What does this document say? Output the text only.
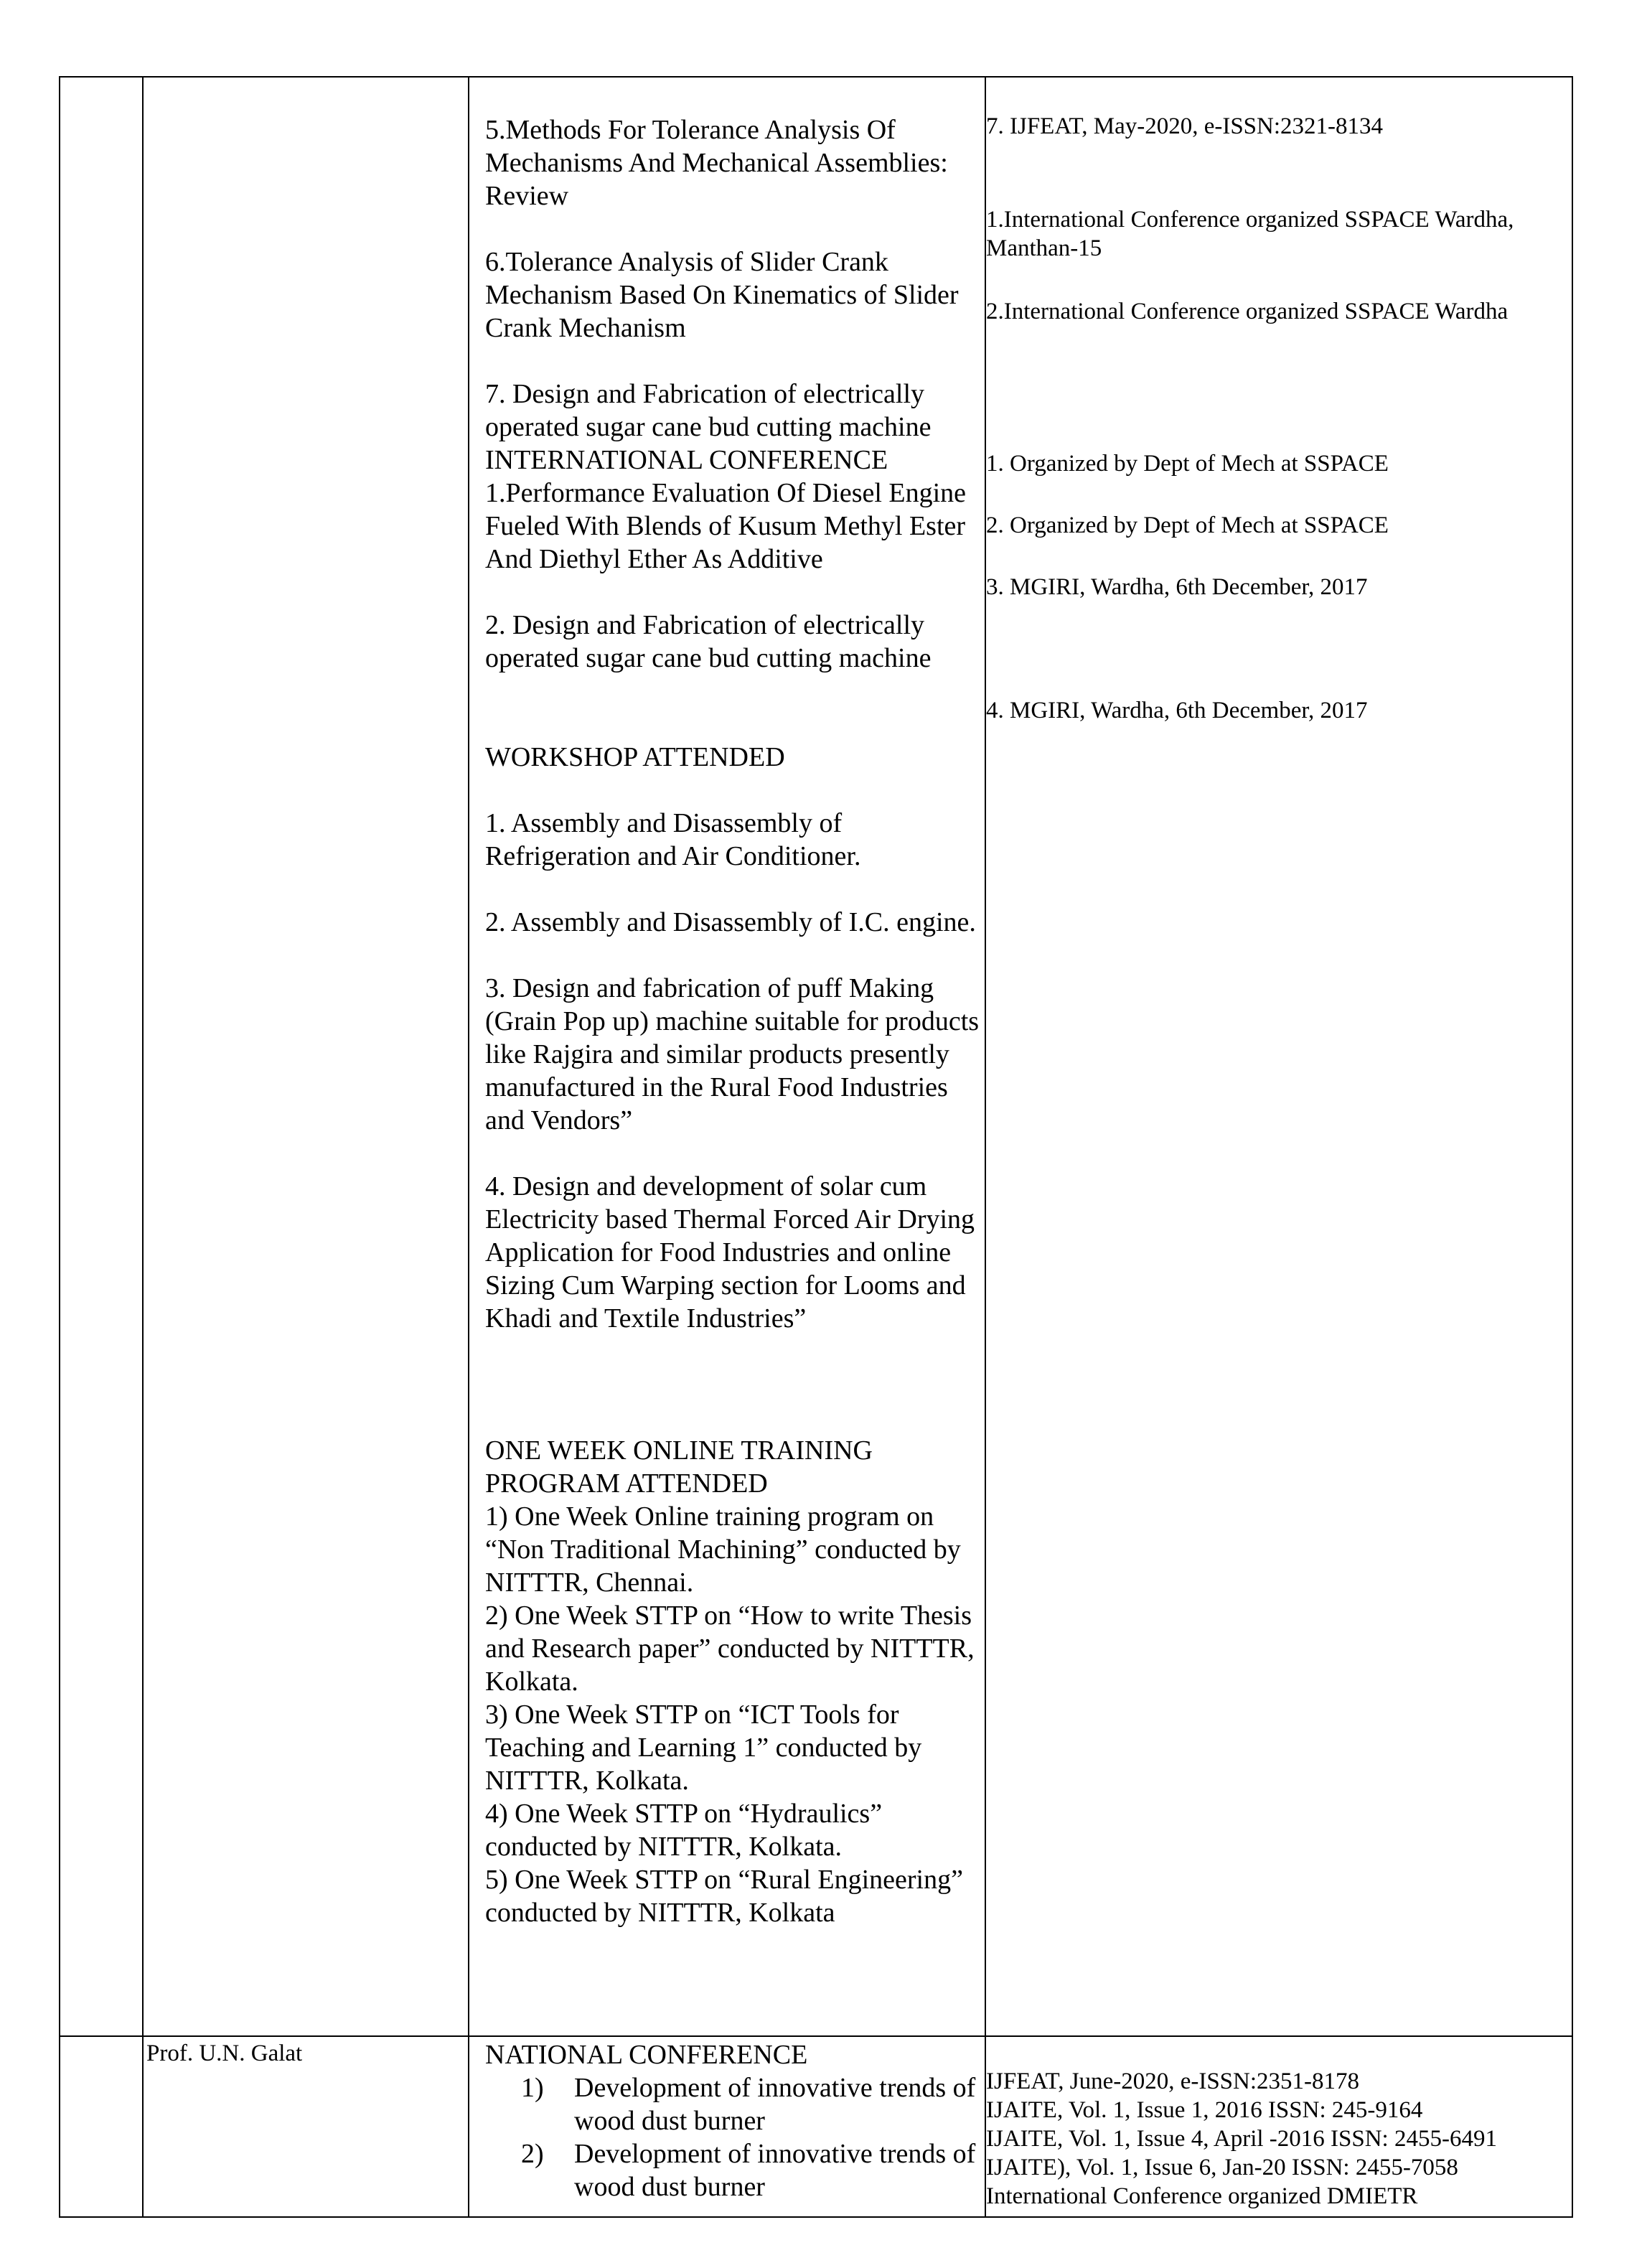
5.Methods For Tolerance Analysis Of Mechanisms And Mechanical Assemblies: Review
6.Tolerance Analysis of Slider Crank Mechanism Based On Kinematics of Slider Crank Mechanism
7. Design and Fabrication of electrically operated sugar cane bud cutting machine
INTERNATIONAL CONFERENCE
1.Performance Evaluation Of Diesel Engine Fueled With Blends of Kusum Methyl Ester And Diethyl Ether As Additive
2. Design and Fabrication of electrically operated sugar cane bud cutting machine
WORKSHOP ATTENDED
1. Assembly and Disassembly of Refrigeration and Air Conditioner.
2. Assembly and Disassembly of I.C. engine.
3. Design and fabrication of puff Making (Grain Pop up) machine suitable for products like Rajgira and similar products presently manufactured in the Rural Food Industries and Vendors”
4. Design and development of solar cum Electricity based Thermal Forced Air Drying Application for Food Industries and online Sizing Cum Warping section for Looms and Khadi and Textile Industries”
ONE WEEK ONLINE TRAINING PROGRAM ATTENDED
1) One Week Online training program on “Non Traditional Machining” conducted by NITTTR, Chennai.
2) One Week STTP on “How to write Thesis and Research paper” conducted by NITTTR, Kolkata.
3) One Week STTP on “ICT Tools for Teaching and Learning 1” conducted by NITTTR, Kolkata.
4) One Week STTP on “Hydraulics” conducted by NITTTR, Kolkata.
5) One Week STTP on “Rural Engineering” conducted by NITTTR, Kolkata
7. IJFEAT, May-2020, e-ISSN:2321-8134
1.International Conference organized SSPACE Wardha, Manthan-15
2.International Conference organized SSPACE Wardha
1. Organized by Dept of Mech at SSPACE
2. Organized by Dept of Mech at SSPACE
3. MGIRI, Wardha, 6th December, 2017
4. MGIRI, Wardha, 6th December, 2017
Prof. U.N. Galat	NATIONAL CONFERENCE
1) Development of innovative trends of wood dust burner
2) Development of innovative trends of wood dust burner
IJFEAT, June-2020, e-ISSN:2351-8178
IJAITE, Vol. 1, Issue 1, 2016 ISSN: 245-9164
IJAITE, Vol. 1, Issue 4, April -2016 ISSN: 2455-6491
IJAITE), Vol. 1, Issue 6, Jan-20 ISSN: 2455-7058
International Conference organized DMIETR
